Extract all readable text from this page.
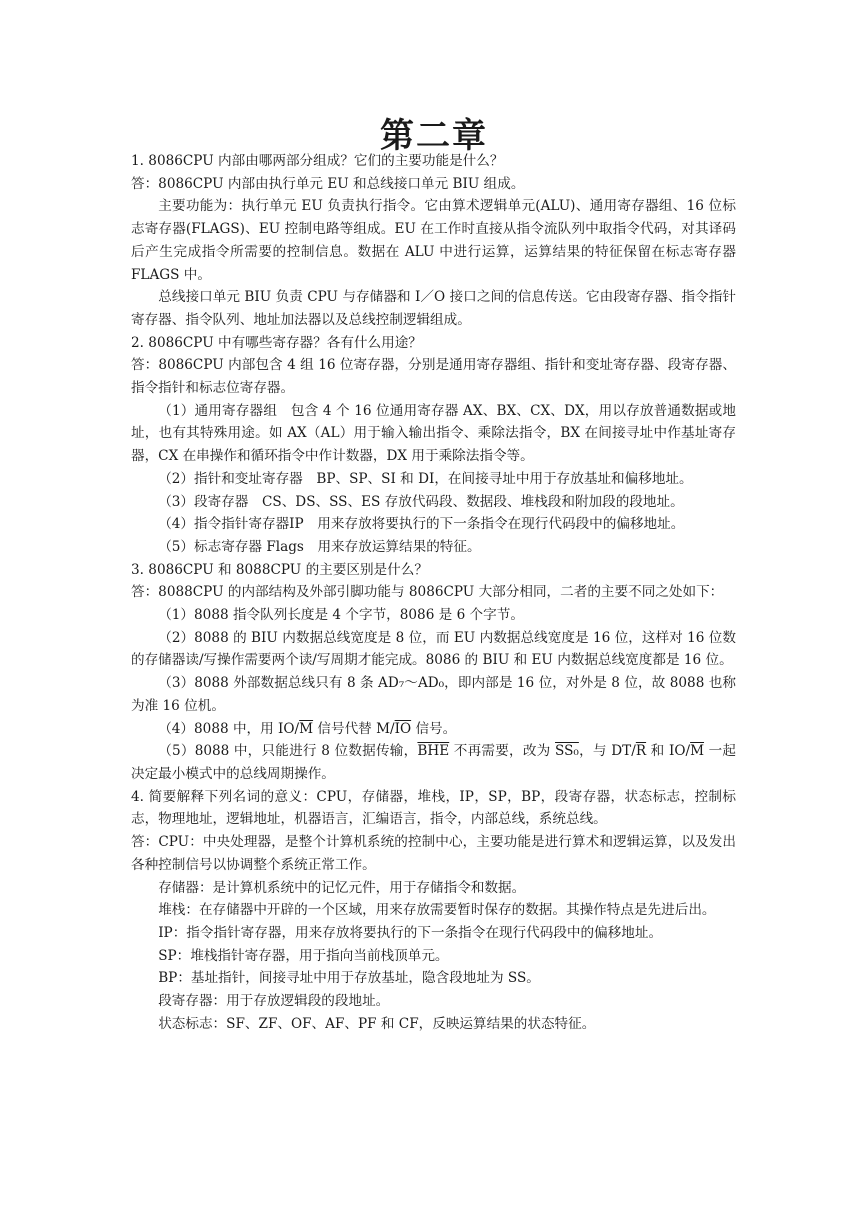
第二章

1. 8086CPU 内部由哪两部分组成？它们的主要功能是什么？

答：8086CPU 内部由执行单元 EU 和总线接口单元 BIU 组成。

主要功能为：执行单元 EU 负责执行指令。它由算术逻辑单元(ALU)、通用寄存器组、16 位标志寄存器(FLAGS)、EU 控制电路等组成。EU 在工作时直接从指令流队列中取指令代码，对其译码后产生完成指令所需要的控制信息。数据在 ALU 中进行运算，运算结果的特征保留在标志寄存器 FLAGS 中。

总线接口单元 BIU 负责 CPU 与存储器和 I／O 接口之间的信息传送。它由段寄存器、指令指针寄存器、指令队列、地址加法器以及总线控制逻辑组成。

2. 8086CPU 中有哪些寄存器？各有什么用途？

答：8086CPU 内部包含 4 组 16 位寄存器，分别是通用寄存器组、指针和变址寄存器、段寄存器、指令指针和标志位寄存器。

（1）通用寄存器组　包含 4 个 16 位通用寄存器 AX、BX、CX、DX，用以存放普通数据或地址，也有其特殊用途。如 AX（AL）用于输入输出指令、乘除法指令，BX 在间接寻址中作基址寄存器，CX 在串操作和循环指令中作计数器，DX 用于乘除法指令等。

（2）指针和变址寄存器　BP、SP、SI 和 DI，在间接寻址中用于存放基址和偏移地址。

（3）段寄存器　CS、DS、SS、ES 存放代码段、数据段、堆栈段和附加段的段地址。

（4）指令指针寄存器IP　用来存放将要执行的下一条指令在现行代码段中的偏移地址。

（5）标志寄存器 Flags　用来存放运算结果的特征。

3. 8086CPU 和 8088CPU 的主要区别是什么？

答：8088CPU 的内部结构及外部引脚功能与 8086CPU 大部分相同，二者的主要不同之处如下：

（1）8088 指令队列长度是 4 个字节，8086 是 6 个字节。

（2）8088 的 BIU 内数据总线宽度是 8 位，而 EU 内数据总线宽度是 16 位，这样对 16 位数的存储器读/写操作需要两个读/写周期才能完成。8086 的 BIU 和 EU 内数据总线宽度都是 16 位。

（3）8088 外部数据总线只有 8 条 AD₇～AD₀，即内部是 16 位，对外是 8 位，故 8088 也称为准 16 位机。

（4）8088 中，用 $IO/\overline{M}$ 信号代替 $M/\overline{IO}$ 信号。

（5）8088 中，只能进行 8 位数据传输，$\overline{BHE}$ 不再需要，改为 SS₀，与 $DT/\overline{R}$ 和 $IO/\overline{M}$ 一起决定最小模式中的总线周期操作。

4. 简要解释下列名词的意义：CPU，存储器，堆栈，IP，SP，BP，段寄存器，状态标志，控制标志，物理地址，逻辑地址，机器语言，汇编语言，指令，内部总线，系统总线。

答：CPU：中央处理器，是整个计算机系统的控制中心，主要功能是进行算术和逻辑运算，以及发出各种控制信号以协调整个系统正常工作。

存储器：是计算机系统中的记忆元件，用于存储指令和数据。

堆栈：在存储器中开辟的一个区域，用来存放需要暂时保存的数据。其操作特点是先进后出。

IP：指令指针寄存器，用来存放将要执行的下一条指令在现行代码段中的偏移地址。

SP：堆栈指针寄存器，用于指向当前栈顶单元。

BP：基址指针，间接寻址中用于存放基址，隐含段地址为 SS。

段寄存器：用于存放逻辑段的段地址。

状态标志：SF、ZF、OF、AF、PF 和 CF，反映运算结果的状态特征。
